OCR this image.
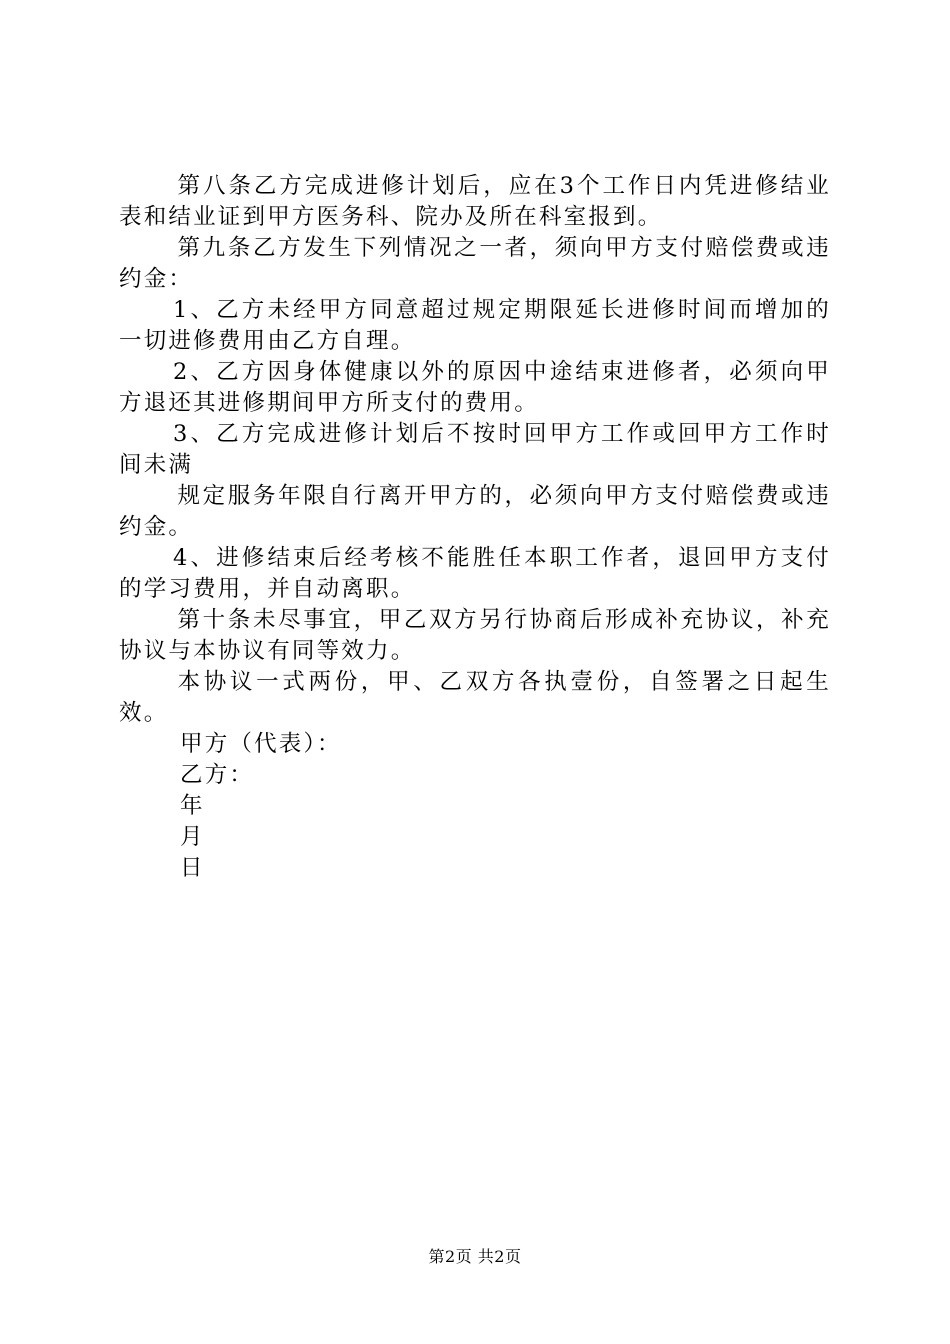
第八条乙方完成进修计划后，应在3个工作日内凭进修结业表和结业证到甲方医务科、院办及所在科室报到。

第九条乙方发生下列情况之一者，须向甲方支付赔偿费或违约金：

1、乙方未经甲方同意超过规定期限延长进修时间而增加的一切进修费用由乙方自理。

2、乙方因身体健康以外的原因中途结束进修者，必须向甲方退还其进修期间甲方所支付的费用。

3、乙方完成进修计划后不按时回甲方工作或回甲方工作时间未满

规定服务年限自行离开甲方的，必须向甲方支付赔偿费或违约金。

4、进修结束后经考核不能胜任本职工作者，退回甲方支付的学习费用，并自动离职。

第十条未尽事宜，甲乙双方另行协商后形成补充协议，补充协议与本协议有同等效力。

本协议一式两份，甲、乙双方各执壹份，自签署之日起生效。

甲方（代表）：

乙方：

年

月

日

第2页 共2页
